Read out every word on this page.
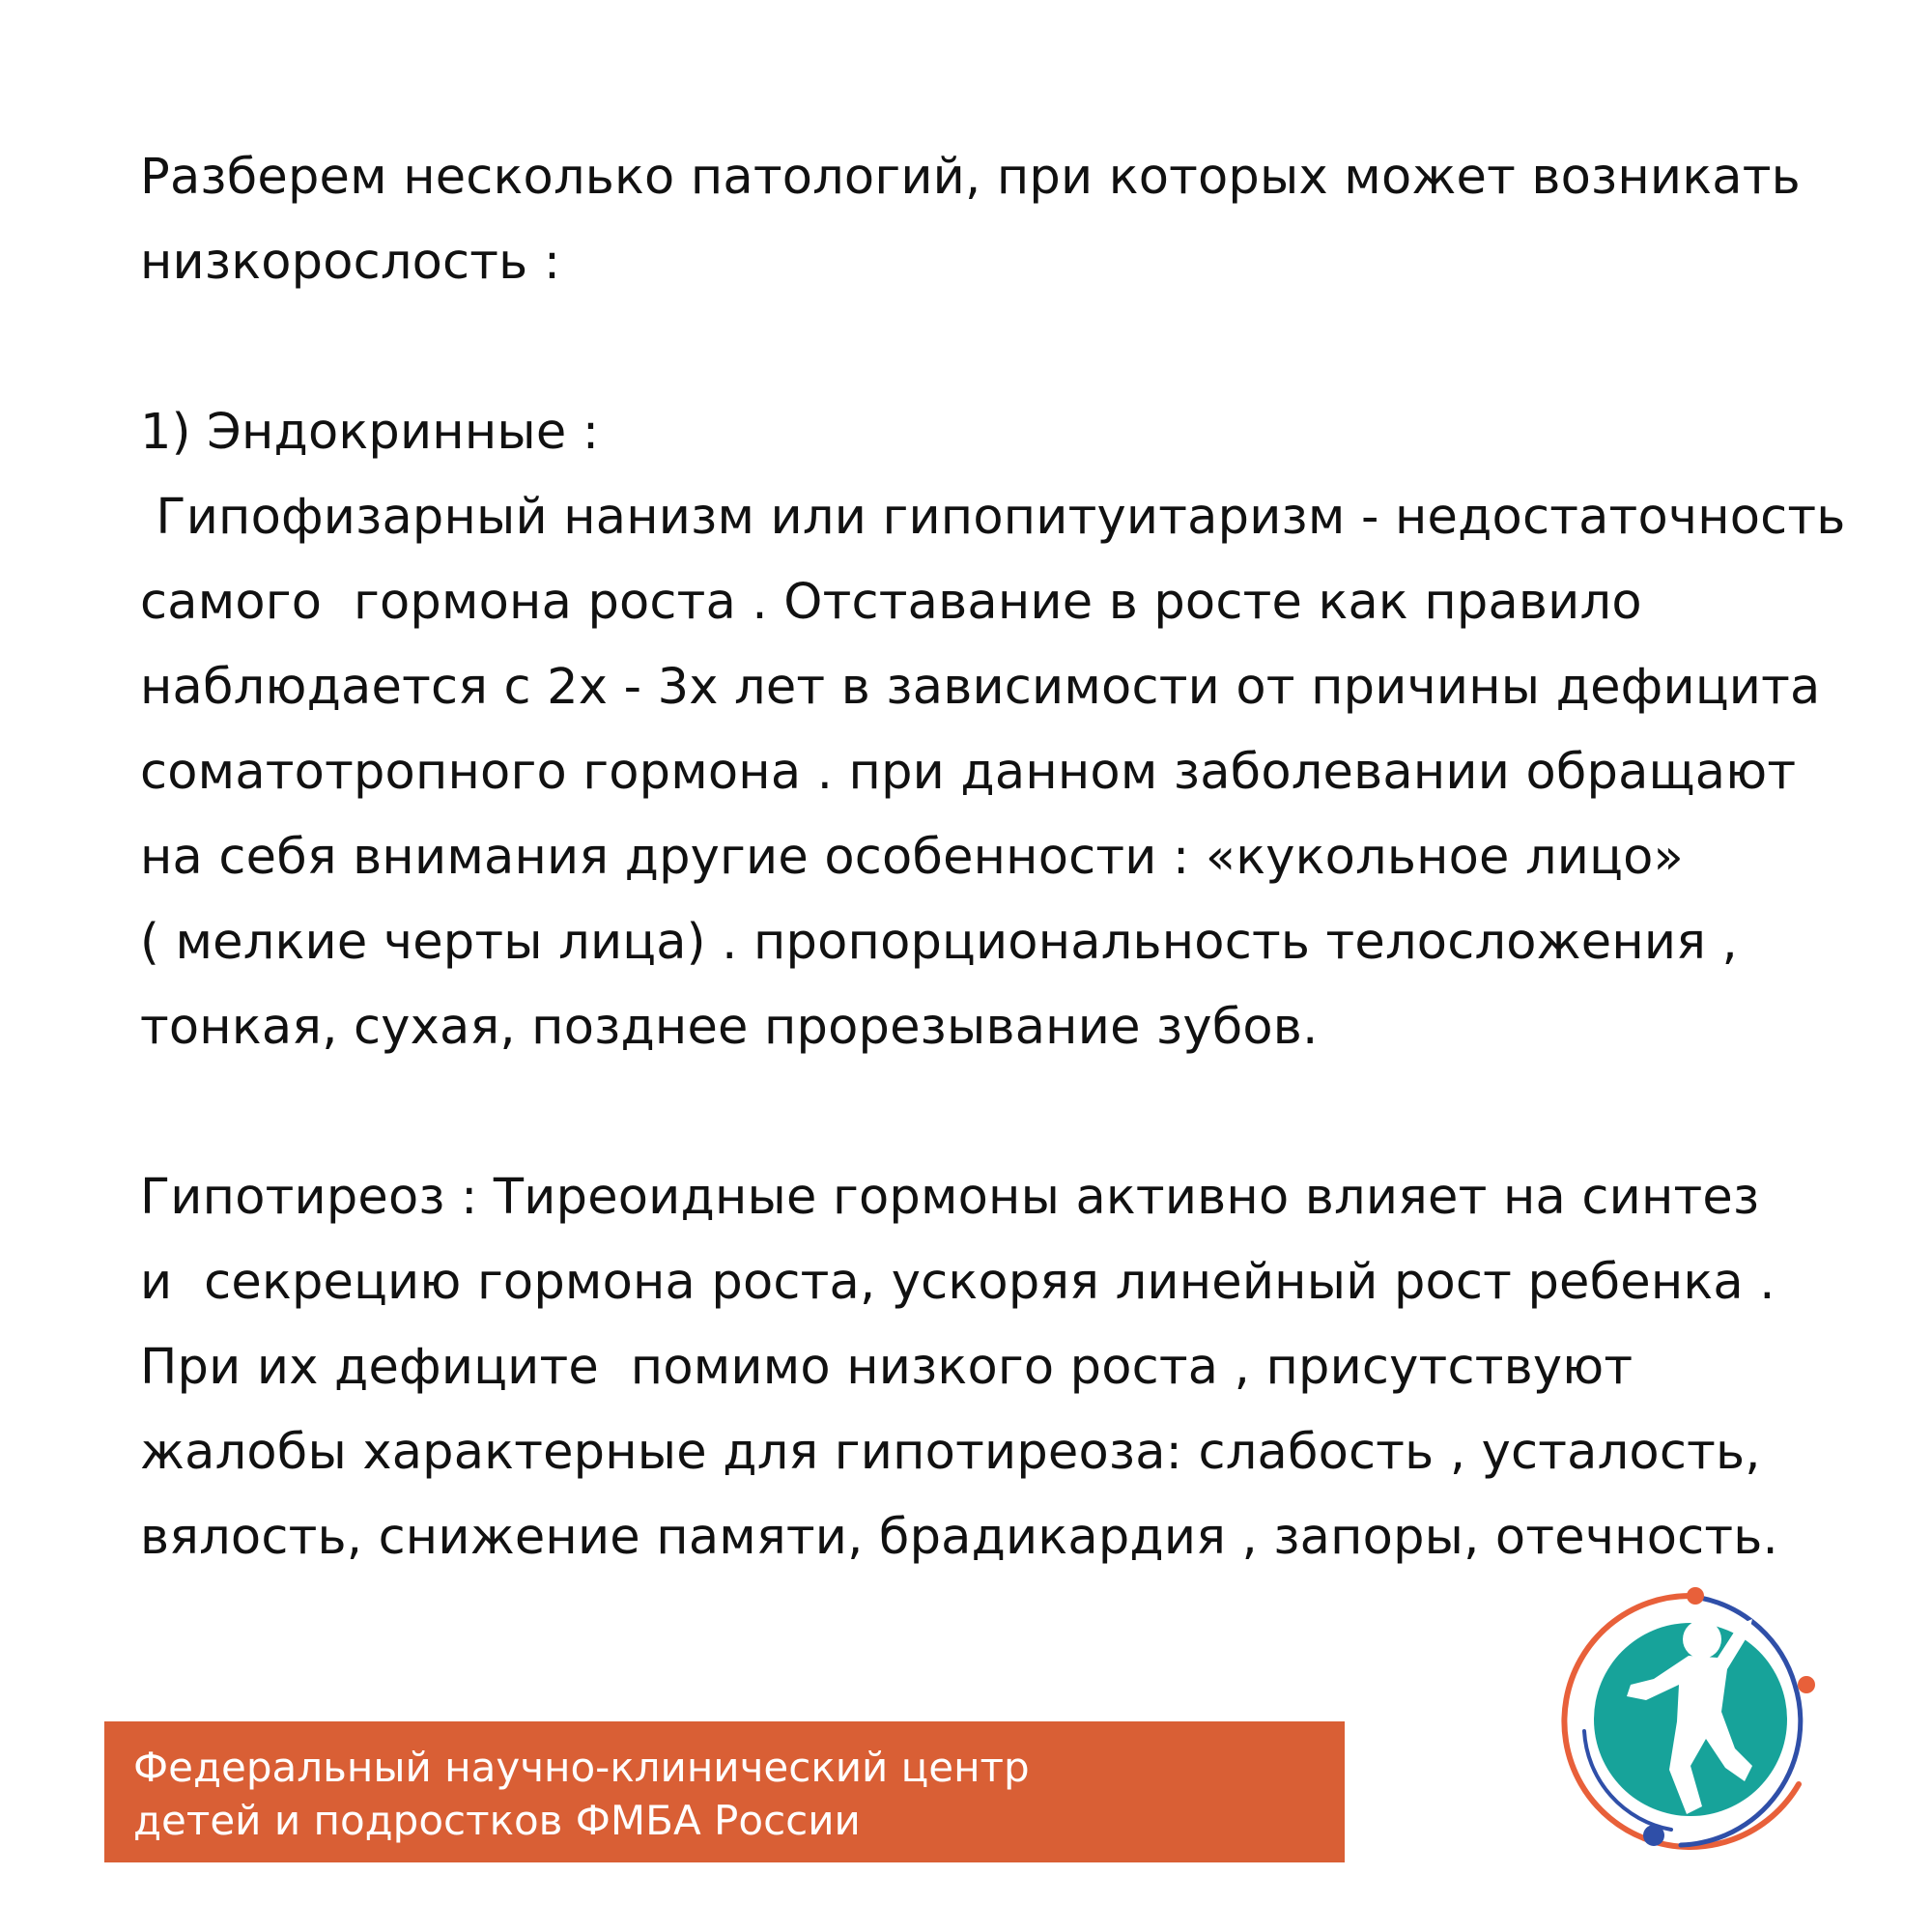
Разберем несколько патологий, при которых может возникать
низкорослость :
1) Эндокринные :
Гипофизарный нанизм или гипопитуитаризм - недостаточность
самого  гормона роста . Отставание в росте как правило
наблюдается с 2х - 3х лет в зависимости от причины дефицита
соматотропного гормона . при данном заболевании обращают
на себя внимания другие особенности : «кукольное лицо»
( мелкие черты лица) . пропорциональность телосложения ,
тонкая, сухая, позднее прорезывание зубов.
Гипотиреоз : Тиреоидные гормоны активно влияет на синтез
и  секрецию гормона роста, ускоряя линейный рост ребенка .
При их дефиците  помимо низкого роста , присутствуют
жалобы характерные для гипотиреоза: слабость , усталость,
вялость, снижение памяти, брадикардия , запоры, отечность.
Федеральный научно-клинический центр
детей и подростков ФМБА России
